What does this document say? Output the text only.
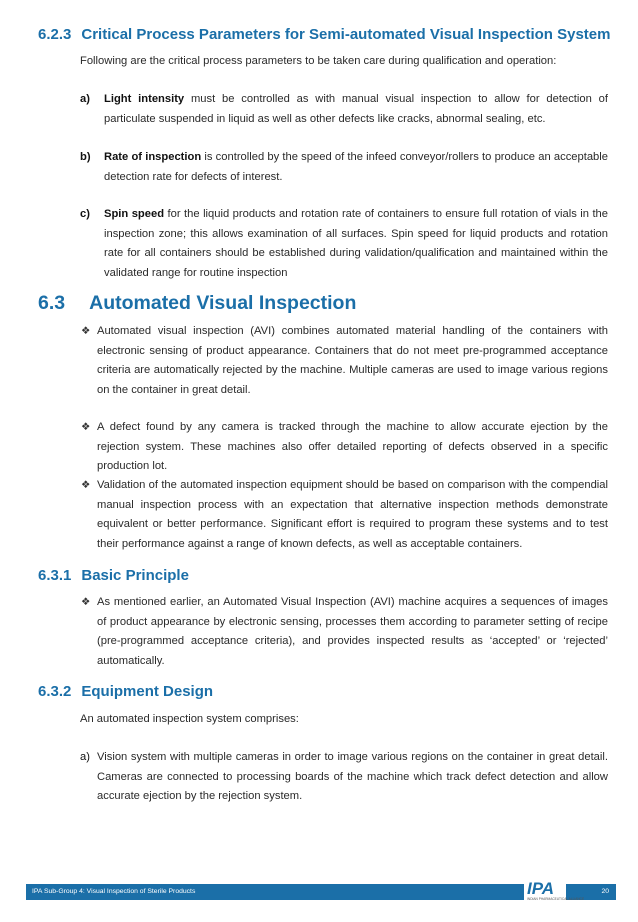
6.2.3 Critical Process Parameters for Semi-automated Visual Inspection System
Following are the critical process parameters to be taken care during qualification and operation:
a) Light intensity must be controlled as with manual visual inspection to allow for detection of particulate suspended in liquid as well as other defects like cracks, abnormal sealing, etc.
b) Rate of inspection is controlled by the speed of the infeed conveyor/rollers to produce an acceptable detection rate for defects of interest.
c) Spin speed for the liquid products and rotation rate of containers to ensure full rotation of vials in the inspection zone; this allows examination of all surfaces. Spin speed for liquid products and rotation rate for all containers should be established during validation/qualification and maintained within the validated range for routine inspection
6.3 Automated Visual Inspection
❖ Automated visual inspection (AVI) combines automated material handling of the containers with electronic sensing of product appearance. Containers that do not meet pre-programmed acceptance criteria are automatically rejected by the machine. Multiple cameras are used to image various regions on the container in great detail.
❖ A defect found by any camera is tracked through the machine to allow accurate ejection by the rejection system. These machines also offer detailed reporting of defects observed in a specific production lot.
❖ Validation of the automated inspection equipment should be based on comparison with the compendial manual inspection process with an expectation that alternative inspection methods demonstrate equivalent or better performance. Significant effort is required to program these systems and to test their performance against a range of known defects, as well as acceptable containers.
6.3.1 Basic Principle
❖ As mentioned earlier, an Automated Visual Inspection (AVI) machine acquires a sequences of images of product appearance by electronic sensing, processes them according to parameter setting of recipe (pre-programmed acceptance criteria), and provides inspected results as ‘accepted’ or ‘rejected’ automatically.
6.3.2 Equipment Design
An automated inspection system comprises:
a) Vision system with multiple cameras in order to image various regions on the container in great detail. Cameras are connected to processing boards of the machine which track defect detection and allow accurate ejection by the rejection system.
IPA Sub-Group 4: Visual Inspection of Sterile Products	20
IPA
INDIAN PHARMACEUTICAL ALLIANCE
